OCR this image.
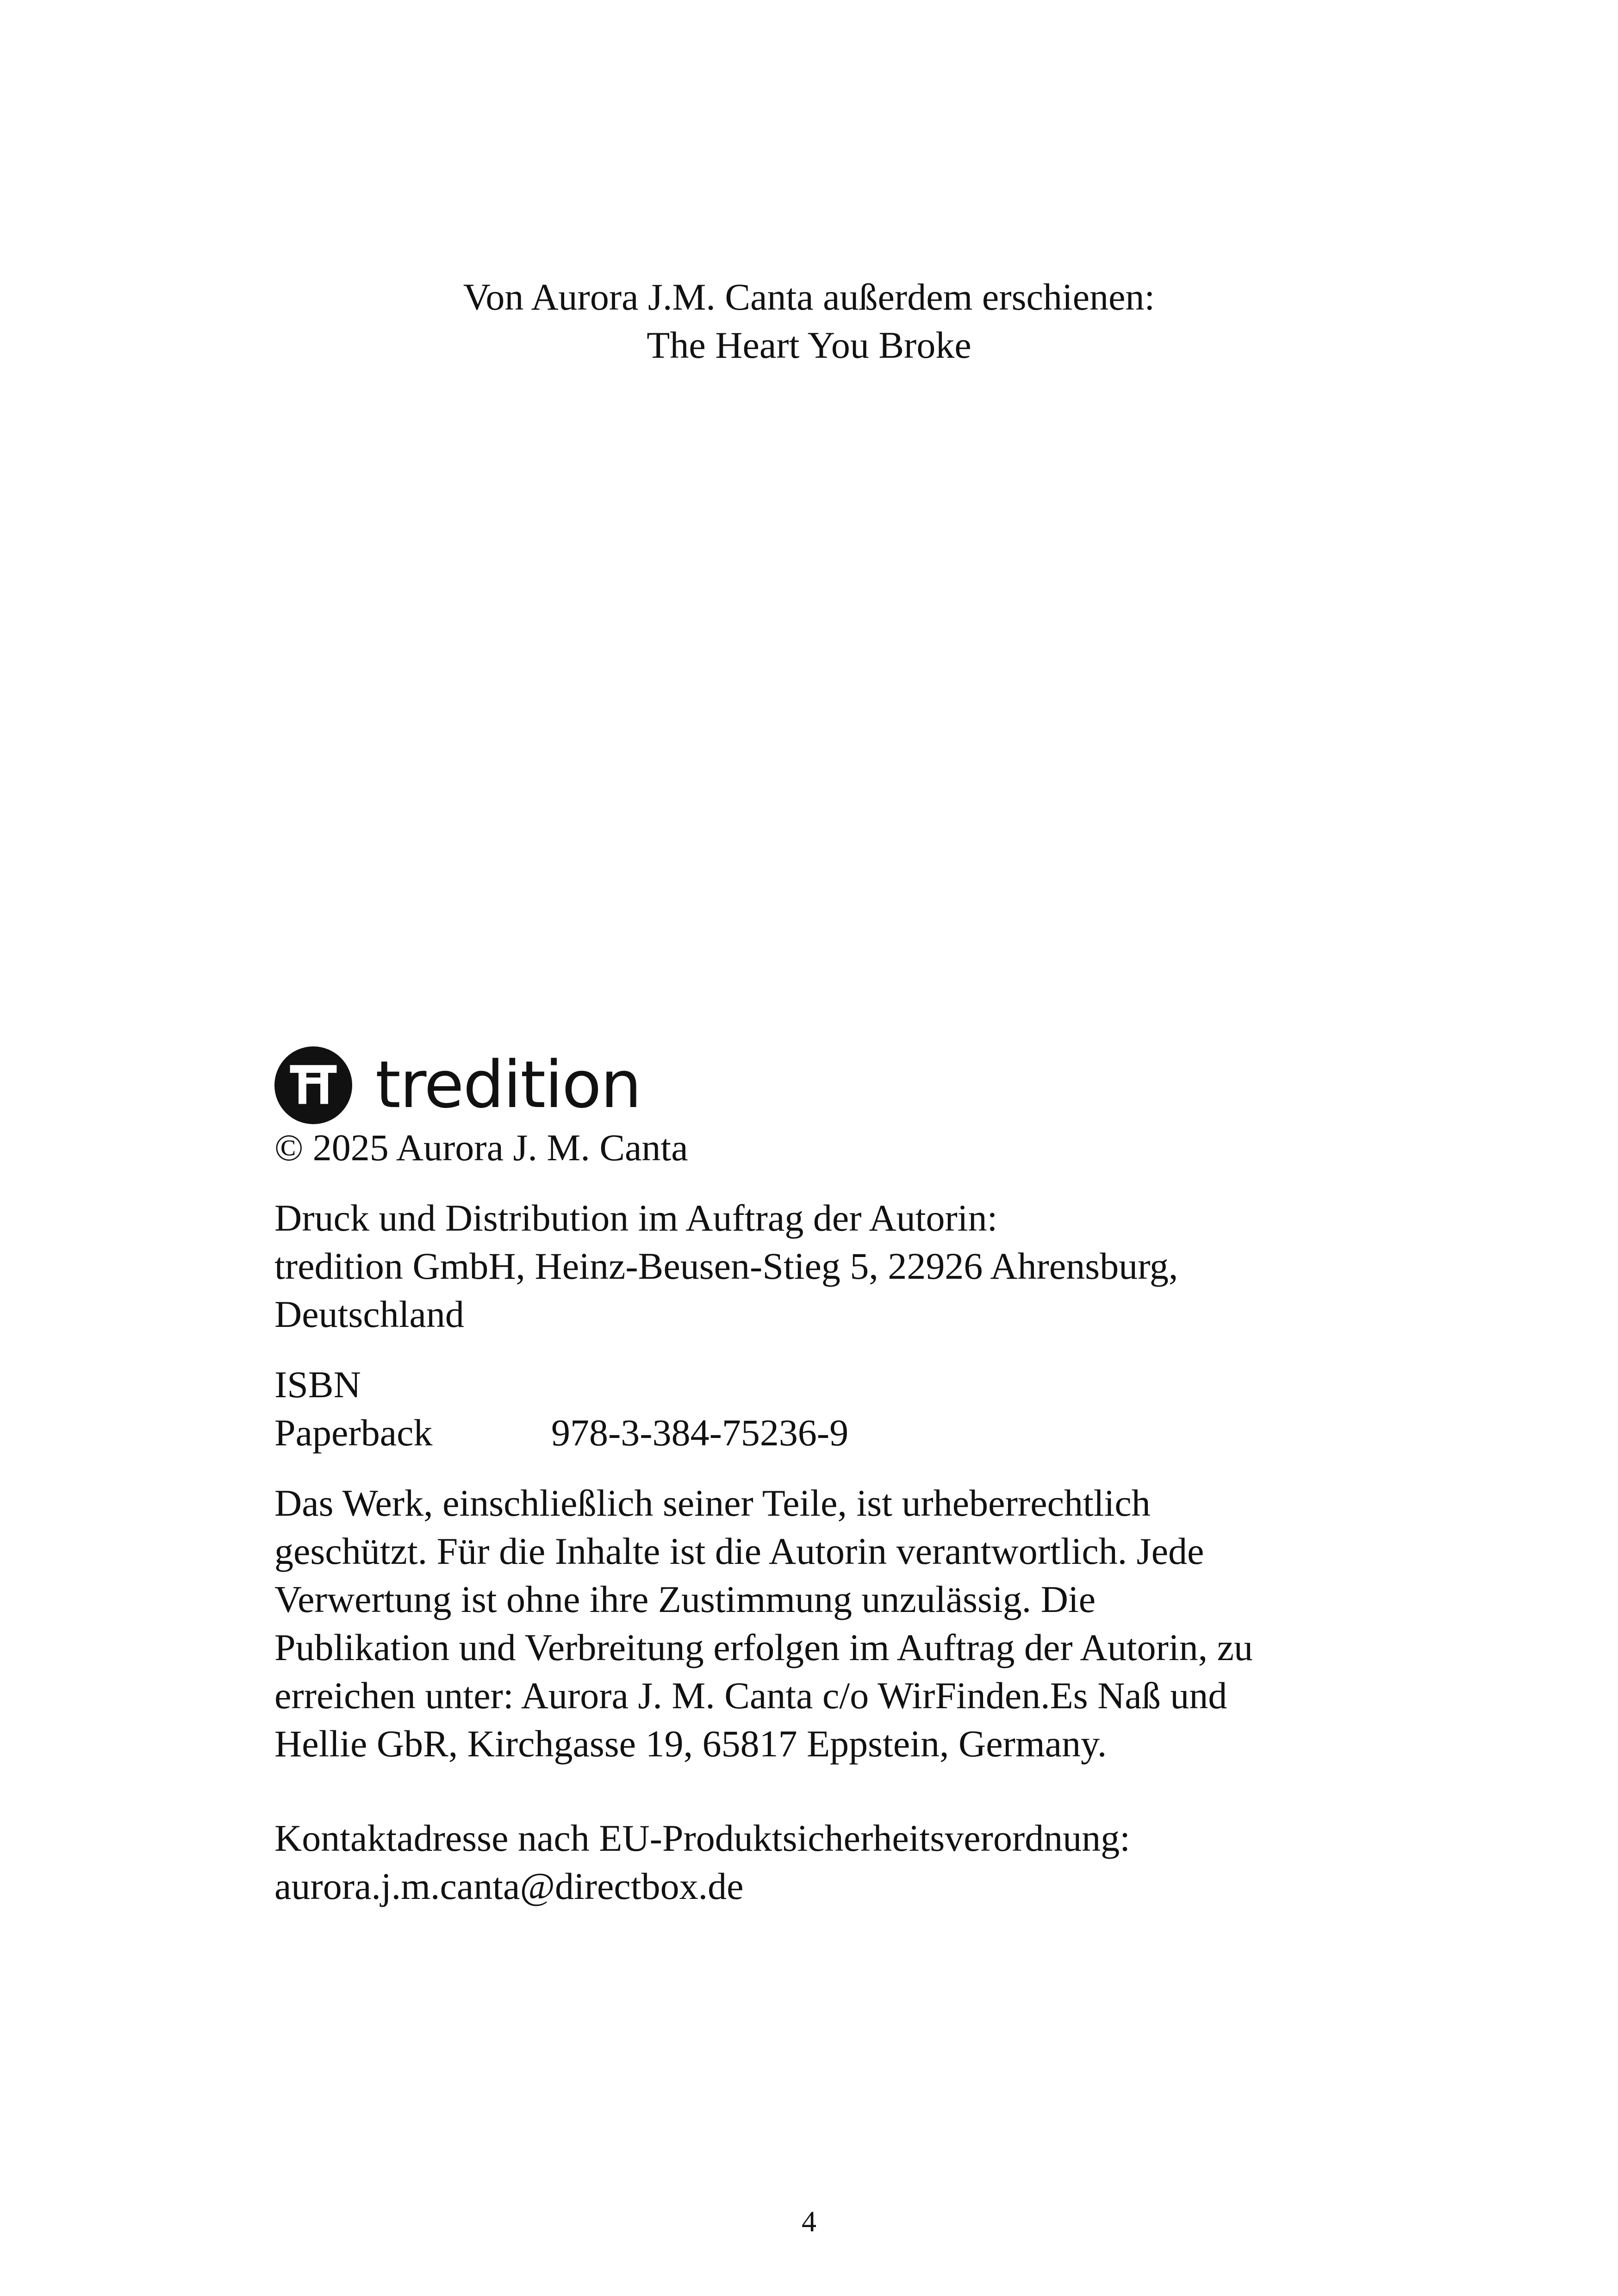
Von Aurora J.M. Canta außerdem erschienen:
The Heart You Broke
tredition
© 2025 Aurora J. M. Canta
Druck und Distribution im Auftrag der Autorin:
tredition GmbH, Heinz-Beusen-Stieg 5, 22926 Ahrensburg,
Deutschland
ISBN
Paperback	978-3-384-75236-9
Das Werk, einschließlich seiner Teile, ist urheberrechtlich
geschützt. Für die Inhalte ist die Autorin verantwortlich. Jede
Verwertung ist ohne ihre Zustimmung unzulässig. Die
Publikation und Verbreitung erfolgen im Auftrag der Autorin, zu
erreichen unter: Aurora J. M. Canta c/o WirFinden.Es Naß und
Hellie GbR, Kirchgasse 19, 65817 Eppstein, Germany.
Kontaktadresse nach EU-Produktsicherheitsverordnung:
aurora.j.m.canta@directbox.de
4
